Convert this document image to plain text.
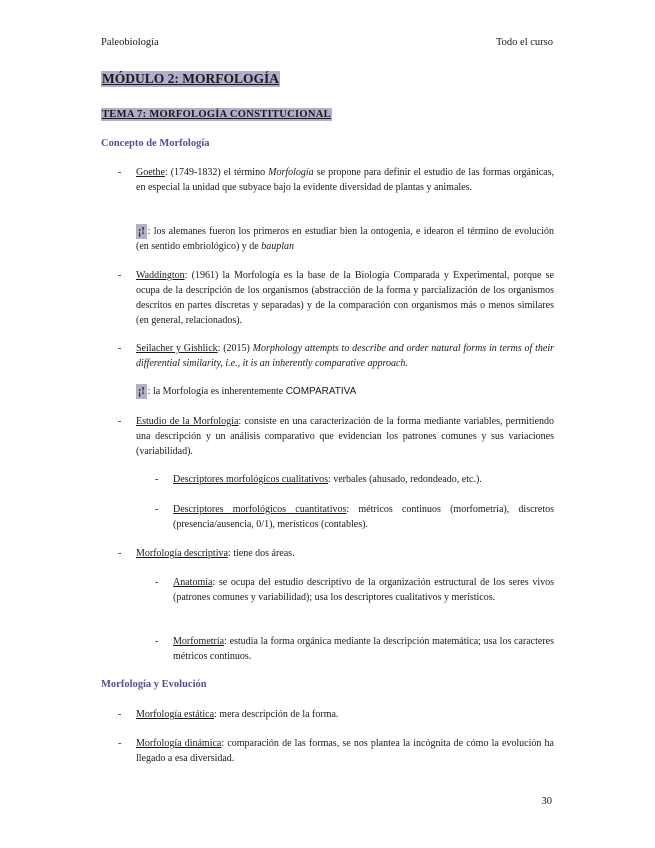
Paleobiología	Todo el curso
MÓDULO 2: MORFOLOGÍA
TEMA 7: MORFOLOGÍA CONSTITUCIONAL
Concepto de Morfología
- Goethe: (1749-1832) el término Morfología se propone para definir el estudio de las formas orgánicas, en especial la unidad que subyace bajo la evidente diversidad de plantas y animales.
¡! : los alemanes fueron los primeros en estudiar bien la ontogenia, e idearon el término de evolución (en sentido embriológico) y de bauplan
- Waddington: (1961) la Morfología es la base de la Biología Comparada y Experimental, porque se ocupa de la descripción de los organismos (abstracción de la forma y parcialización de los organismos descritos en partes discretas y separadas) y de la comparación con organismos más o menos similares (en general, relacionados).
- Seilacher y Gishlick: (2015) Morphology attempts to describe and order natural forms in terms of their differential similarity, i.e., it is an inherently comparative approach.
¡! : la Morfología es inherentemente COMPARATIVA
- Estudio de la Morfología: consiste en una caracterización de la forma mediante variables, permitiendo una descripción y un análisis comparativo que evidencian los patrones comunes y sus variaciones (variabilidad).
- Descriptores morfológicos cualitativos: verbales (ahusado, redondeado, etc.).
- Descriptores morfológicos cuantitativos: métricos continuos (morfometría), discretos (presencia/ausencia, 0/1), merísticos (contables).
- Morfología descriptiva: tiene dos áreas.
- Anatomía: se ocupa del estudio descriptivo de la organización estructural de los seres vivos (patrones comunes y variabilidad); usa los descriptores cualitativos y merísticos.
- Morfometría: estudia la forma orgánica mediante la descripción matemática; usa los caracteres métricos continuos.
Morfología y Evolución
- Morfología estática: mera descripción de la forma.
- Morfología dinámica: comparación de las formas, se nos plantea la incógnita de cómo la evolución ha llegado a esa diversidad.
30
